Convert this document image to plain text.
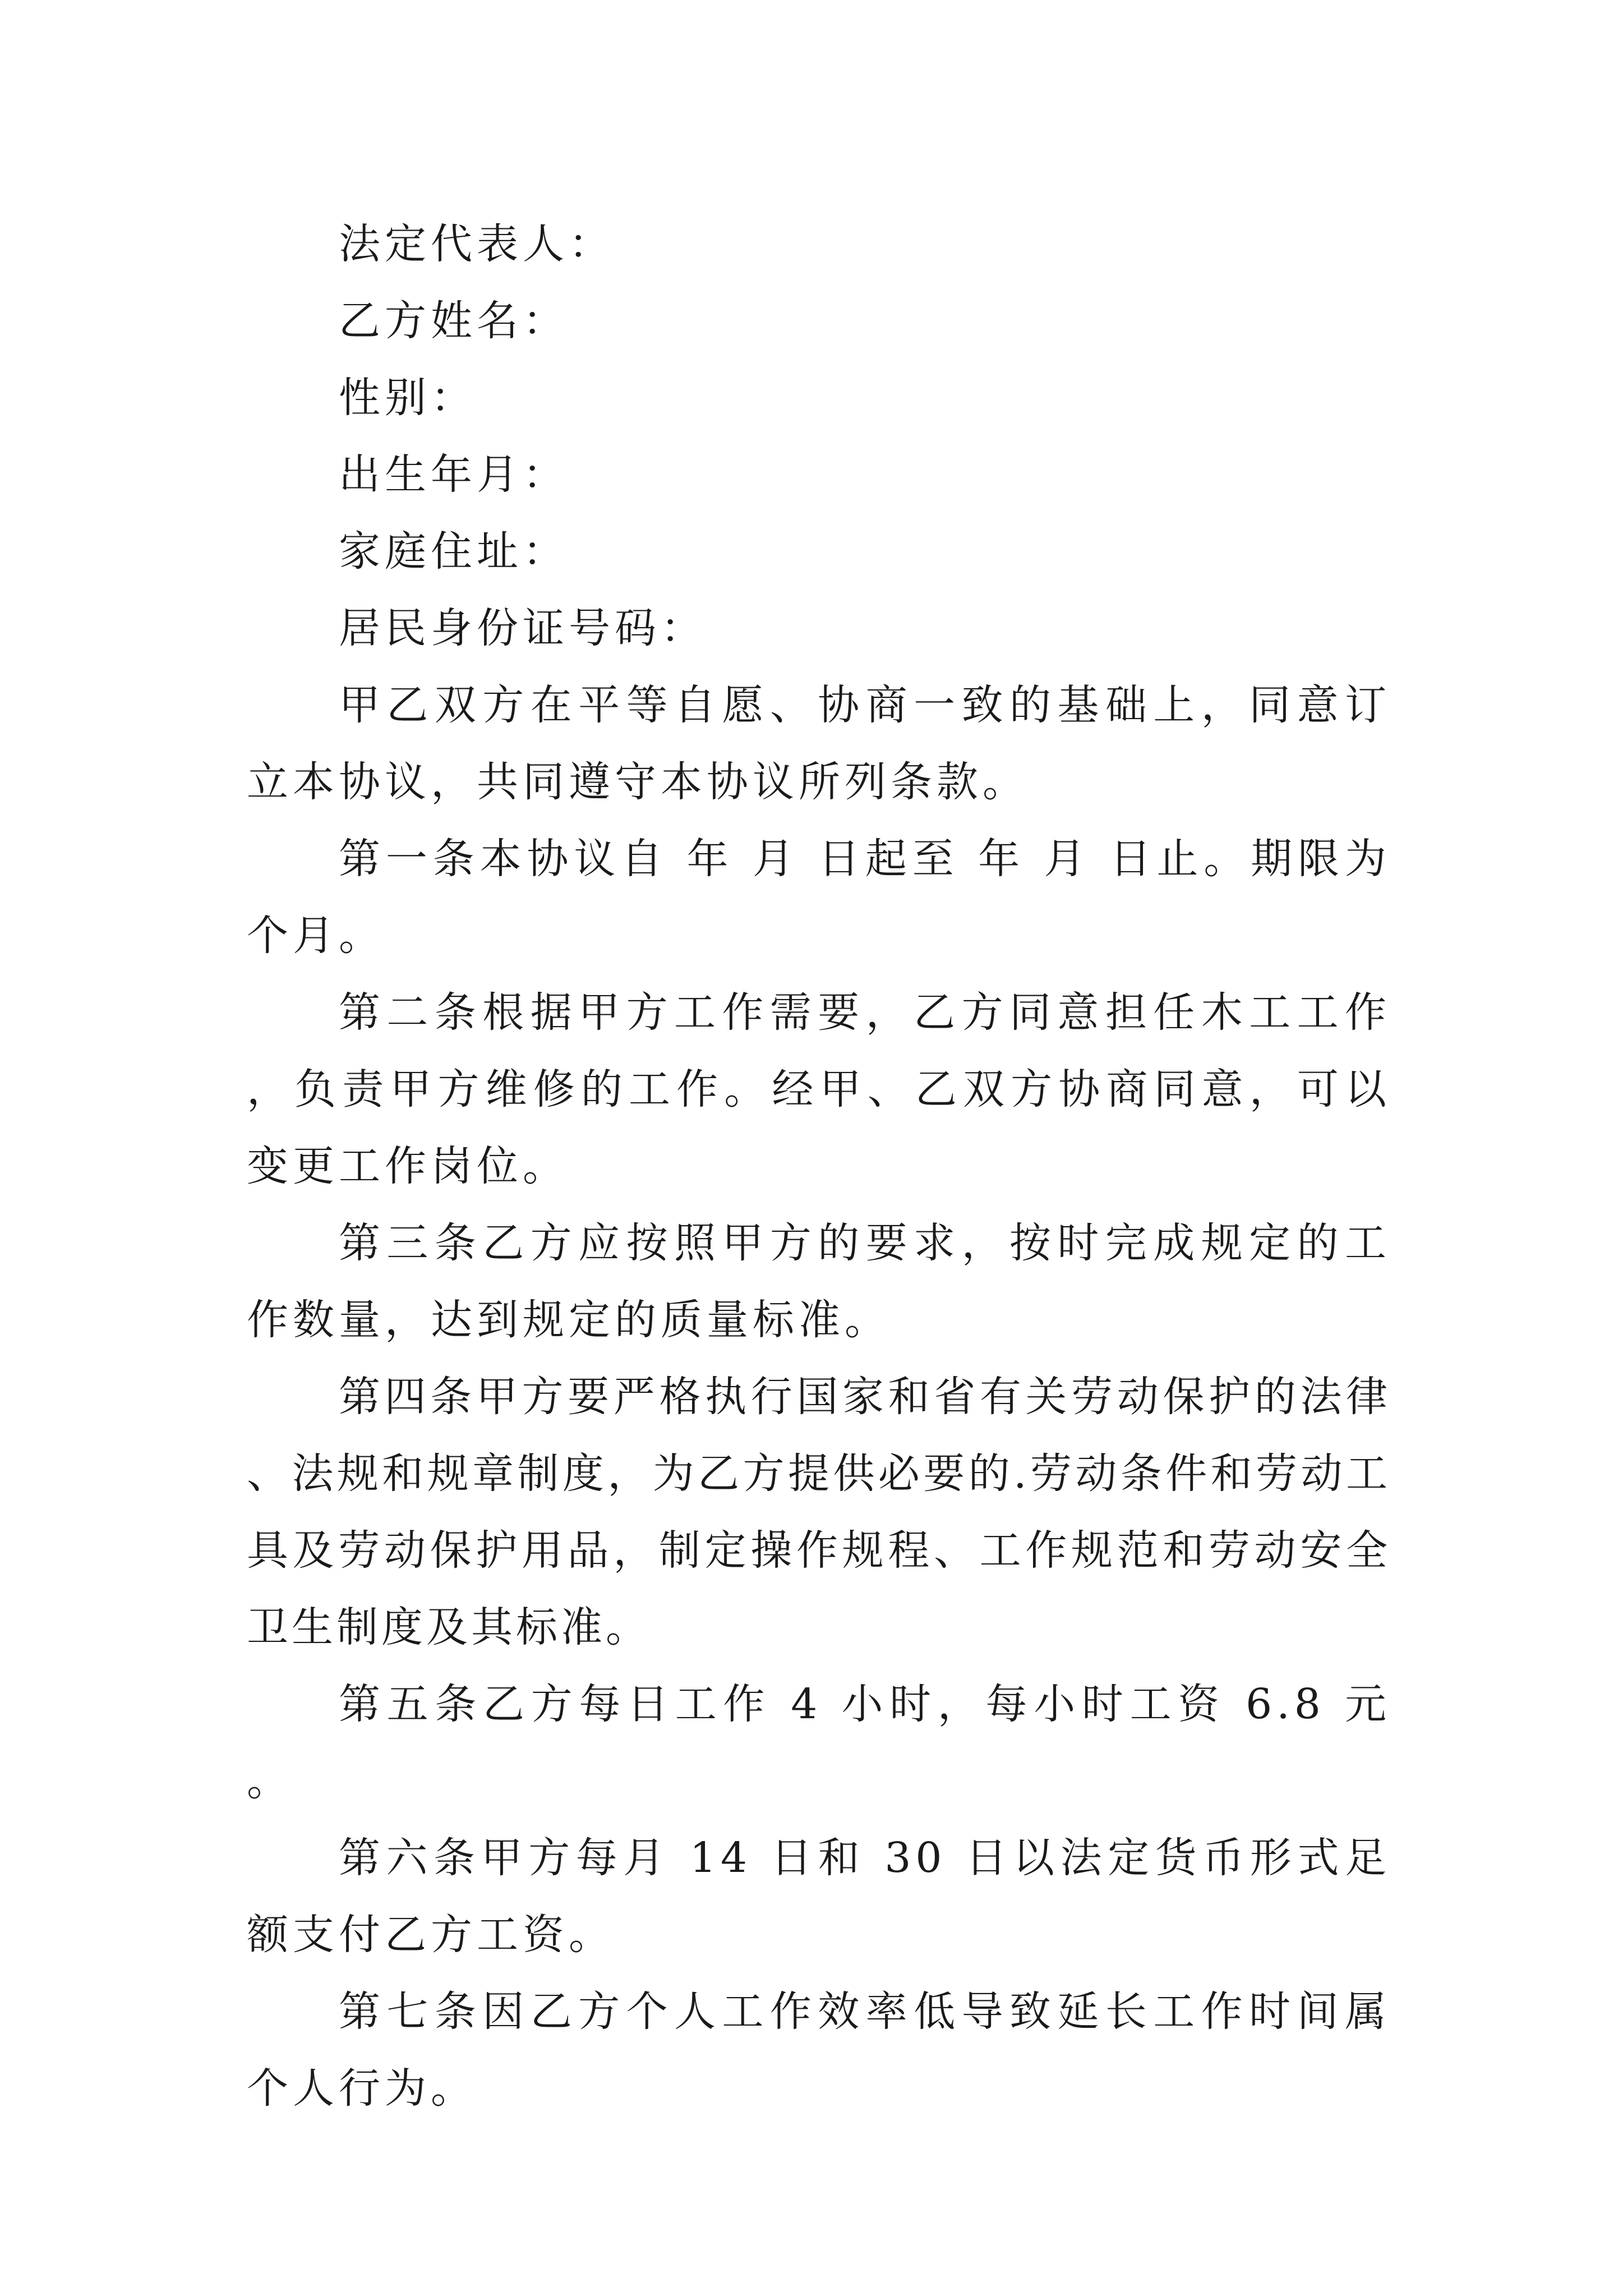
法定代表人：

乙方姓名：

性别：

出生年月：

家庭住址：

居民身份证号码：

甲乙双方在平等自愿、协商一致的基础上，同意订立本协议，共同遵守本协议所列条款。

第一条本协议自 年 月 日起至 年 月 日止。期限为个月。

第二条根据甲方工作需要，乙方同意担任木工工作，负责甲方维修的工作。经甲、乙双方协商同意，可以变更工作岗位。

第三条乙方应按照甲方的要求，按时完成规定的工作数量，达到规定的质量标准。

第四条甲方要严格执行国家和省有关劳动保护的法律、法规和规章制度，为乙方提供必要的.劳动条件和劳动工具及劳动保护用品，制定操作规程、工作规范和劳动安全卫生制度及其标准。

第五条乙方每日工作 4 小时，每小时工资 6.8 元。

第六条甲方每月 14 日和 30 日以法定货币形式足额支付乙方工资。

第七条因乙方个人工作效率低导致延长工作时间属个人行为。
